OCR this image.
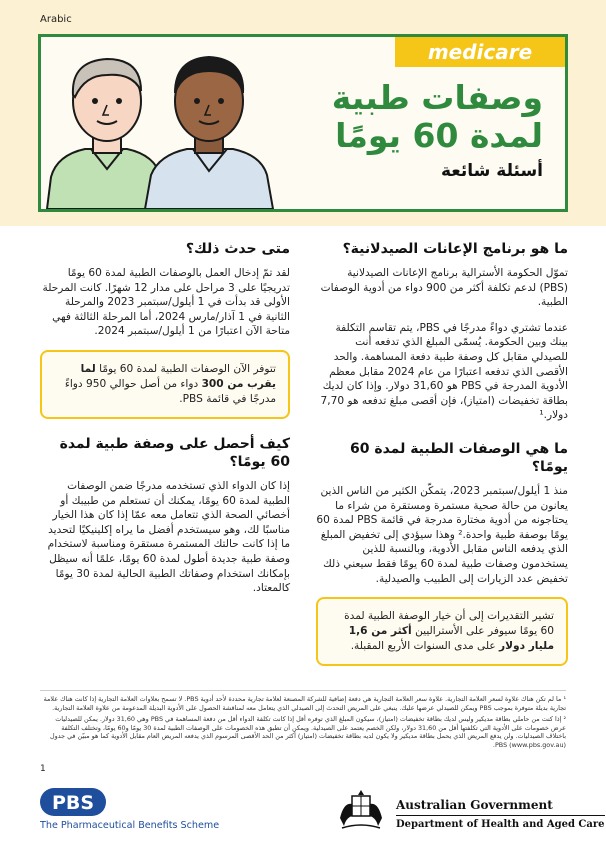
Arabic
medicare
وصفات طبية
لمدة 60 يومًا
أسئلة شائعة
ما هو برنامج الإعانات الصيدلانية؟

تموّل الحكومة الأسترالية برنامج الإعانات الصيدلانية (PBS) لدعم تكلفة أكثر من 900 دواء من أدوية الوصفات الطبية.

عندما تشتري دواءً مدرجًا في PBS، يتم تقاسم التكلفة بينك وبين الحكومة. يُسمّى المبلغ الذي تدفعه أنت للصيدلي مقابل كل وصفة طبية دفعة المساهمة. والحد الأقصى الذي تدفعه اعتبارًا من عام 2024 مقابل معظم الأدوية المدرجة في PBS هو 31,60 دولار. وإذا كان لديك بطاقة تخفيضات (امتياز)، فإن أقصى مبلغ تدفعه هو 7,70 دولار.¹

ما هي الوصفات الطبية لمدة 60 يومًا؟

منذ 1 أيلول/سبتمبر 2023، يتمكّن الكثير من الناس الذين يعانون من حالة صحية مستمرة ومستقرة من شراء ما يحتاجونه من أدوية مختارة مدرجة في قائمة PBS لمدة 60 يومًا بوصفة طبية واحدة.² وهذا سيؤدي إلى تخفيض المبلغ الذي يدفعه الناس مقابل الأدوية، وبالنسبة للذين يستخدمون وصفات طبية لمدة 60 يومًا فقط سيعني ذلك تخفيض عدد الزيارات إلى الطبيب والصيدلية.

تشير التقديرات إلى أن خيار الوصفة الطبية لمدة 60 يومًا سيوفر على الأستراليين أكثر من 1,6 مليار دولار على مدى السنوات الأربع المقبلة.
متى حدث ذلك؟

لقد تمّ إدخال العمل بالوصفات الطبية لمدة 60 يومًا تدريجيًا على 3 مراحل على مدار 12 شهرًا. كانت المرحلة الأولى قد بدأت في 1 أيلول/سبتمبر 2023 والمرحلة الثانية في 1 آذار/مارس 2024، أما المرحلة الثالثة فهي متاحة الآن اعتبارًا من 1 أيلول/سبتمبر 2024.

تتوفر الآن الوصفات الطبية لمدة 60 يومًا لما يقرب من 300 دواء من أصل حوالي 950 دواءً مدرجًا في قائمة PBS.
كيف أحصل على وصفة طبية لمدة 60 يومًا؟

إذا كان الدواء الذي تستخدمه مدرجًا ضمن الوصفات الطبية لمدة 60 يومًا، يمكنك أن تستعلم من طبيبك أو أخصائي الصحة الذي تتعامل معه عمّا إذا كان هذا الخيار مناسبًا لك، وهو سيستخدم أفضل ما يراه إكلينيكيًا لتحديد ما إذا كانت حالتك المستمرة مستقرة ومناسبة لاستخدام وصفة طبية جديدة أطول لمدة 60 يومًا، علمًا أنه سيظل بإمكانك استخدام وصفاتك الطبية الحالية لمدة 30 يومًا كالمعتاد.

¹ ما لم تكن هناك علاوة لسعر العلامة التجارية. علاوة سعر العلامة التجارية هي دفعة إضافية للشركة المصنعة لعلامة تجارية محددة لأحد أدوية PBS. لا تسمح بعلاوات العلامة التجارية إذا كانت هناك علامة تجارية بديلة متوفرة بموجب PBS ويمكن للصيدلي عرضها عليك. ينبغي على المريض التحدث إلى الصيدلي الذي يتعامل معه لمناقشة الحصول على الأدوية البديلة المدعومة من علاوة العلامة التجارية.

² إذا كنت من حاملي بطاقة مديكير وليس لديك بطاقة تخفيضات (امتياز)، سيكون المبلغ الذي توفره أقل إذا كانت تكلفة الدواء أقل من دفعة المساهمة في PBS وهي 31,60 دولار. يمكن للصيدليات عرض خصومات على الأدوية التي تكلفتها أقل من 31,60 دولار، ولكن الخصم يعتمد على الصيدلية. ويمكن أن تطبق هذه الخصومات على الوصفات الطبية لمدة 30 يومًا و60 يومًا، وتختلف التكلفة باختلاف الصيدليات. ولن يدفع المريض الذي يحمل بطاقة مديكير ولا يكون لديه بطاقة تخفيضات (امتياز) أكثر من الحد الأقصى المرسوم الذي يدفعه المريض العام مقابل الأدوية كما هو مبيّن في جدول PBS (www.pbs.gov.au).

1
PBS
The Pharmaceutical Benefits Scheme
Australian Government
Department of Health and Aged Care
